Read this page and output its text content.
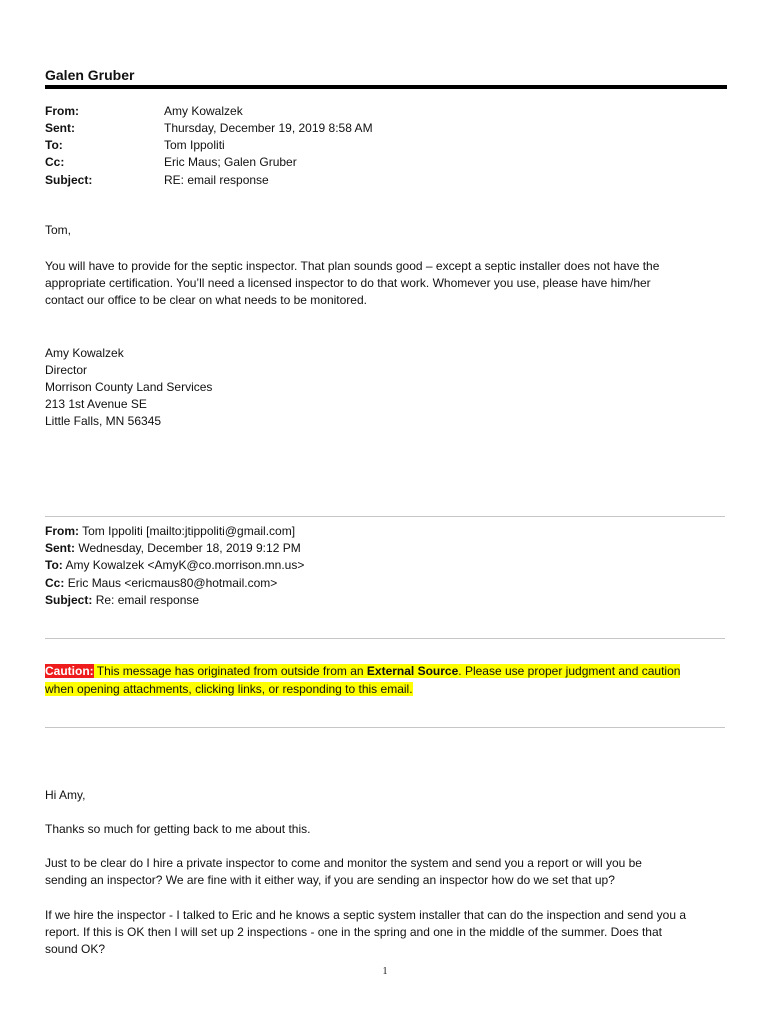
Galen Gruber
From:	Amy Kowalzek
Sent:	Thursday, December 19, 2019 8:58 AM
To:	Tom Ippoliti
Cc:	Eric Maus; Galen Gruber
Subject:	RE: email response
Tom,
You will have to provide for the septic inspector. That plan sounds good – except a septic installer does not have the
appropriate certification. You’ll need a licensed inspector to do that work. Whomever you use, please have him/her
contact our office to be clear on what needs to be monitored.
Amy Kowalzek
Director
Morrison County Land Services
213 1st Avenue SE
Little Falls, MN 56345
From: Tom Ippoliti [mailto:jtippoliti@gmail.com]
Sent: Wednesday, December 18, 2019 9:12 PM
To: Amy Kowalzek <AmyK@co.morrison.mn.us>
Cc: Eric Maus <ericmaus80@hotmail.com>
Subject: Re: email response
Caution: This message has originated from outside from an External Source. Please use proper judgment and caution
when opening attachments, clicking links, or responding to this email.
Hi Amy,
Thanks so much for getting back to me about this.
Just to be clear do I hire a private inspector to come and monitor the system and send you a report or will you be
sending an inspector? We are fine with it either way, if you are sending an inspector how do we set that up?
If we hire the inspector - I talked to Eric and he knows a septic system installer that can do the inspection and send you a
report. If this is OK then I will set up 2 inspections - one in the spring and one in the middle of the summer. Does that
sound OK?
1
